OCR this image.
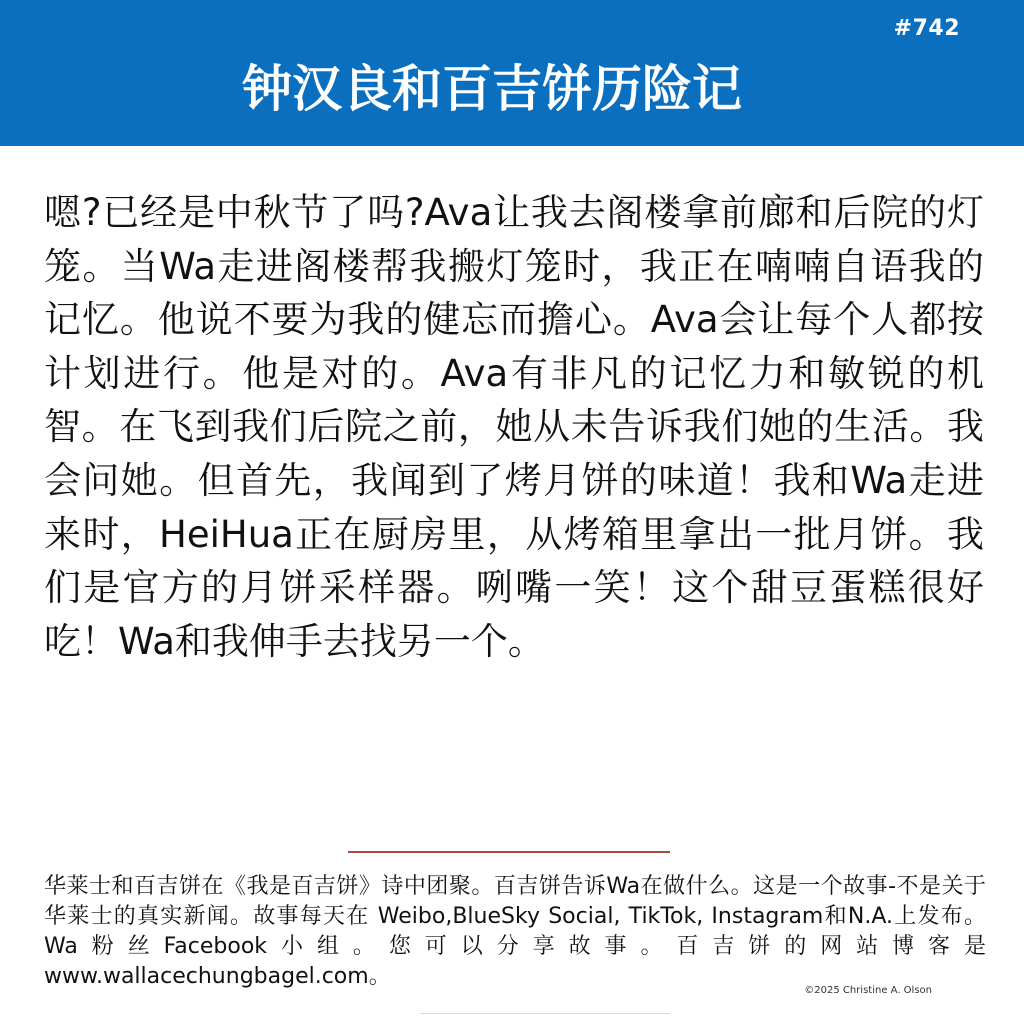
#742
钟汉良和百吉饼历险记
嗯?已经是中秋节了吗?Ava让我去阁楼拿前廊和后院的灯笼。当Wa走进阁楼帮我搬灯笼时，我正在喃喃自语我的记忆。他说不要为我的健忘而擔心。Ava会让每个人都按计划进行。他是对的。Ava有非凡的记忆力和敏锐的机智。在飞到我们后院之前，她从未告诉我们她的生活。我会问她。但首先，我闻到了烤月饼的味道！我和Wa走进来时，HeiHua正在厨房里，从烤箱里拿出一批月饼。我们是官方的月饼采样器。咧嘴一笑！这个甜豆蛋糕很好吃！Wa和我伸手去找另一个。
华莱士和百吉饼在《我是百吉饼》诗中团聚。百吉饼告诉Wa在做什么。这是一个故事-不是关于华莱士的真实新闻。故事每天在 Weibo,BlueSky Social, TikTok, Instagram和N.A.上发布。Wa粉丝Facebook小组。您可以分享故事。百吉饼的网站博客是www.wallacechungbagel.com。
©2025 Christine A. Olson
